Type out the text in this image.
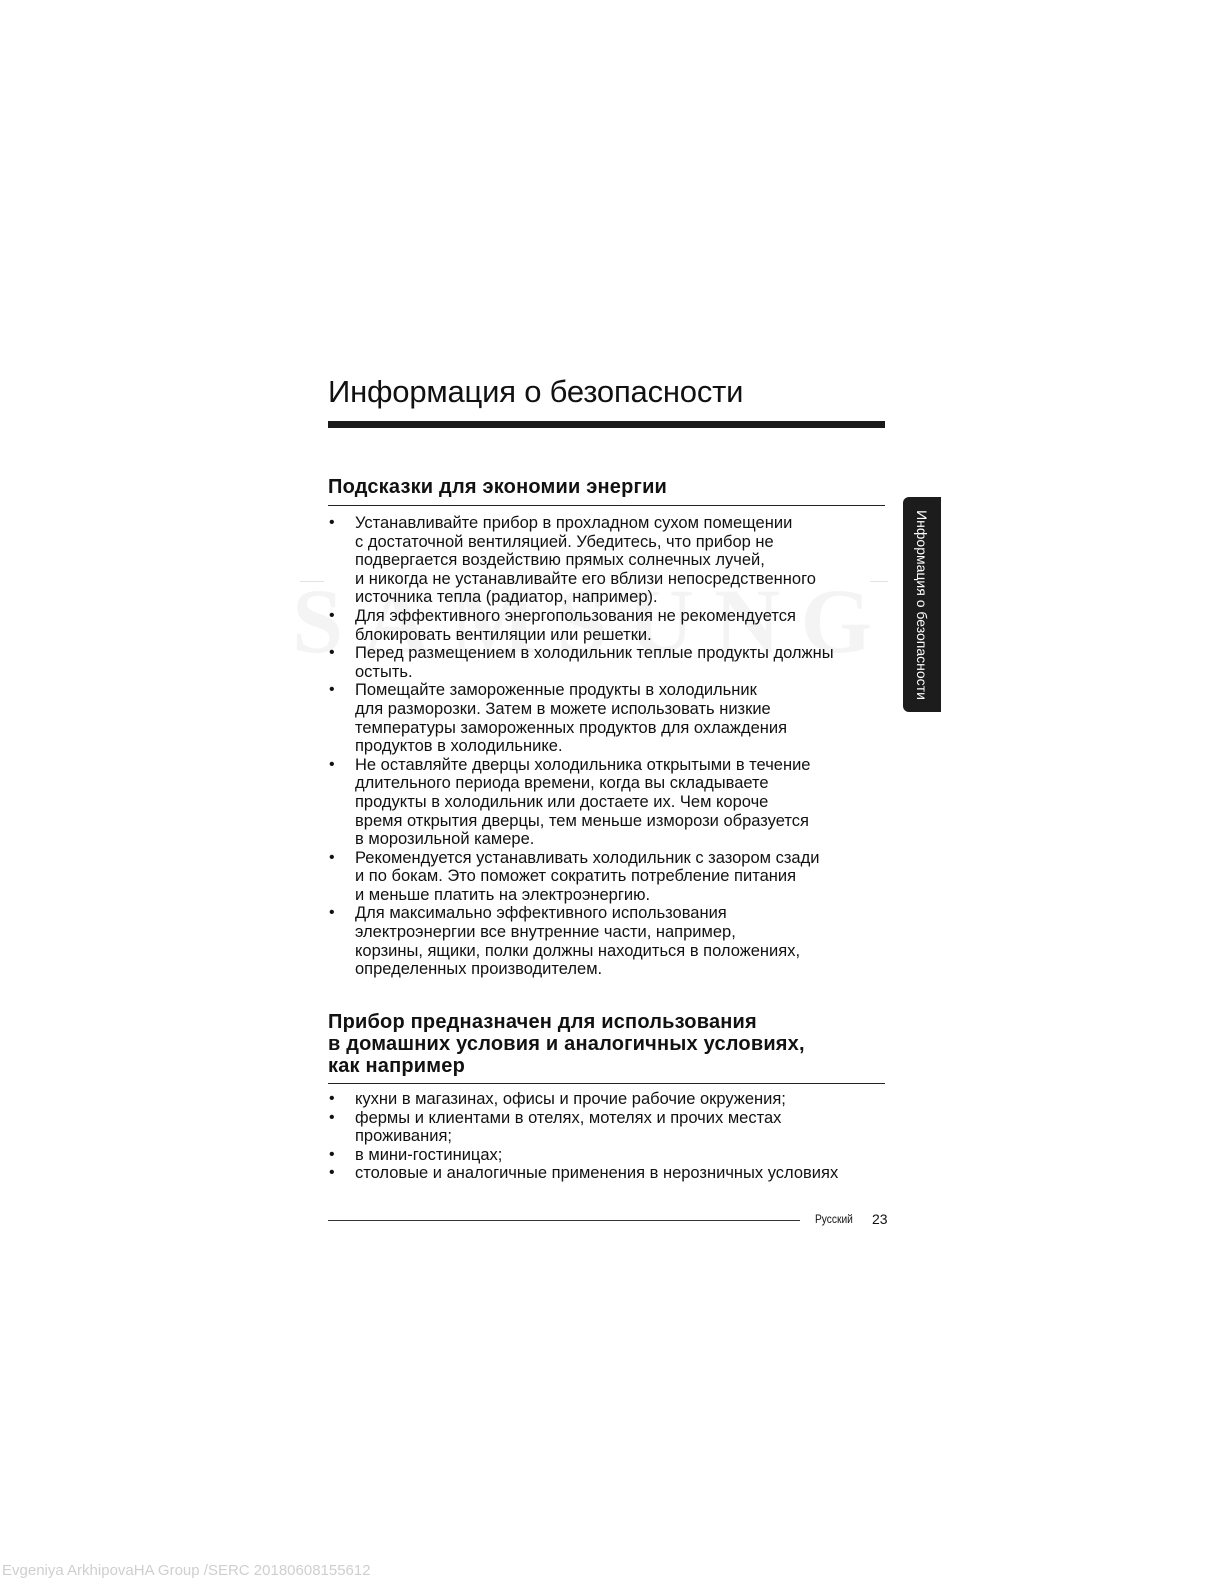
Информация о безопасности
Подсказки для экономии энергии
• Устанавливайте прибор в прохладном сухом помещении
с достаточной вентиляцией. Убедитесь, что прибор не
подвергается воздействию прямых солнечных лучей,
и никогда не устанавливайте его вблизи непосредственного
источника тепла (радиатор, например).
• Для эффективного энергопользования не рекомендуется
блокировать вентиляции или решетки.
• Перед размещением в холодильник теплые продукты должны
остыть.
• Помещайте замороженные продукты в холодильник
для разморозки. Затем в можете использовать низкие
температуры замороженных продуктов для охлаждения
продуктов в холодильнике.
• Не оставляйте дверцы холодильника открытыми в течение
длительного периода времени, когда вы складываете
продукты в холодильник или достаете их. Чем короче
время открытия дверцы, тем меньше изморози образуется
в морозильной камере.
• Рекомендуется устанавливать холодильник с зазором сзади
и по бокам. Это поможет сократить потребление питания
и меньше платить на электроэнергию.
• Для максимально эффективного использования
электроэнергии все внутренние части, например,
корзины, ящики, полки должны находиться в положениях,
определенных производителем.
Прибор предназначен для использования
в домашних условия и аналогичных условиях,
как например
• кухни в магазинах, офисы и прочие рабочие окружения;
• фермы и клиентами в отелях, мотелях и прочих местах
проживания;
• в мини-гостиницах;
• столовые и аналогичные применения в нерозничных условиях
Информация о безопасности
Русский 23
Evgeniya ArkhipovaHA Group /SERC 20180608155612
